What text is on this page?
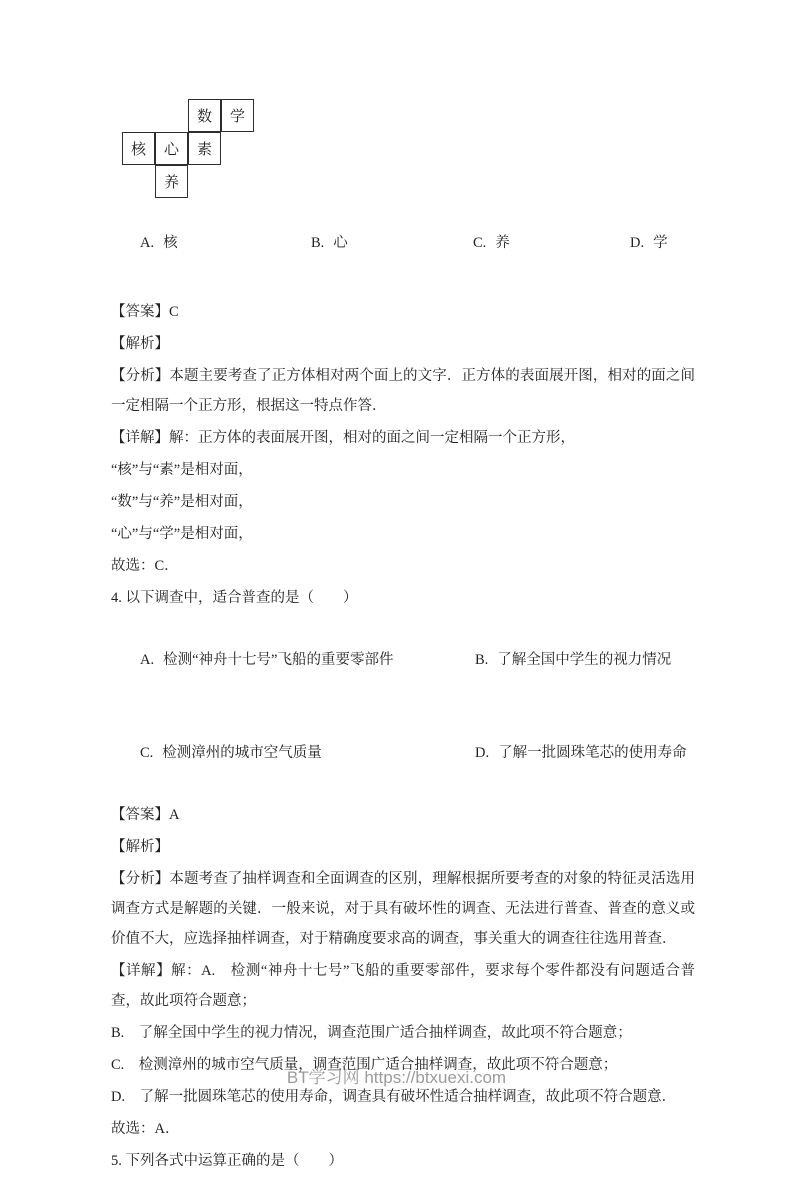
数 学
核 心 素
养

A. 核
	B. 心
	C. 养
	D. 学

【答案】C
【解析】
【分析】本题主要考查了正方体相对两个面上的文字．正方体的表面展开图，相对的面之间一定相隔一个正方形，根据这一特点作答．
【详解】解：正方体的表面展开图，相对的面之间一定相隔一个正方形，
“核”与“素”是相对面，
“数”与“养”是相对面，
“心”与“学”是相对面，
故选：C．
4. 以下调查中，适合普查的是（　　）

A. 检测“神舟十七号”飞船的重要零部件
	B. 了解全国中学生的视力情况

C. 检测漳州的城市空气质量
	D. 了解一批圆珠笔芯的使用寿命

【答案】A
【解析】
【分析】本题考查了抽样调查和全面调查的区别，理解根据所要考查的对象的特征灵活选用调查方式是解题的关键．一般来说，对于具有破坏性的调查、无法进行普查、普查的意义或价值不大，应选择抽样调查，对于精确度要求高的调查，事关重大的调查往往选用普查．
【详解】解：A.　检测“神舟十七号”飞船的重要零部件，要求每个零件都没有问题适合普查，故此项符合题意；
B.　了解全国中学生的视力情况，调查范围广适合抽样调查，故此项不符合题意；
C.　检测漳州的城市空气质量，调查范围广适合抽样调查，故此项不符合题意；
D.　了解一批圆珠笔芯的使用寿命，调查具有破坏性适合抽样调查，故此项不符合题意．
故选：A．
5. 下列各式中运算正确的是（　　）
BT学习网 https://btxuexi.com
